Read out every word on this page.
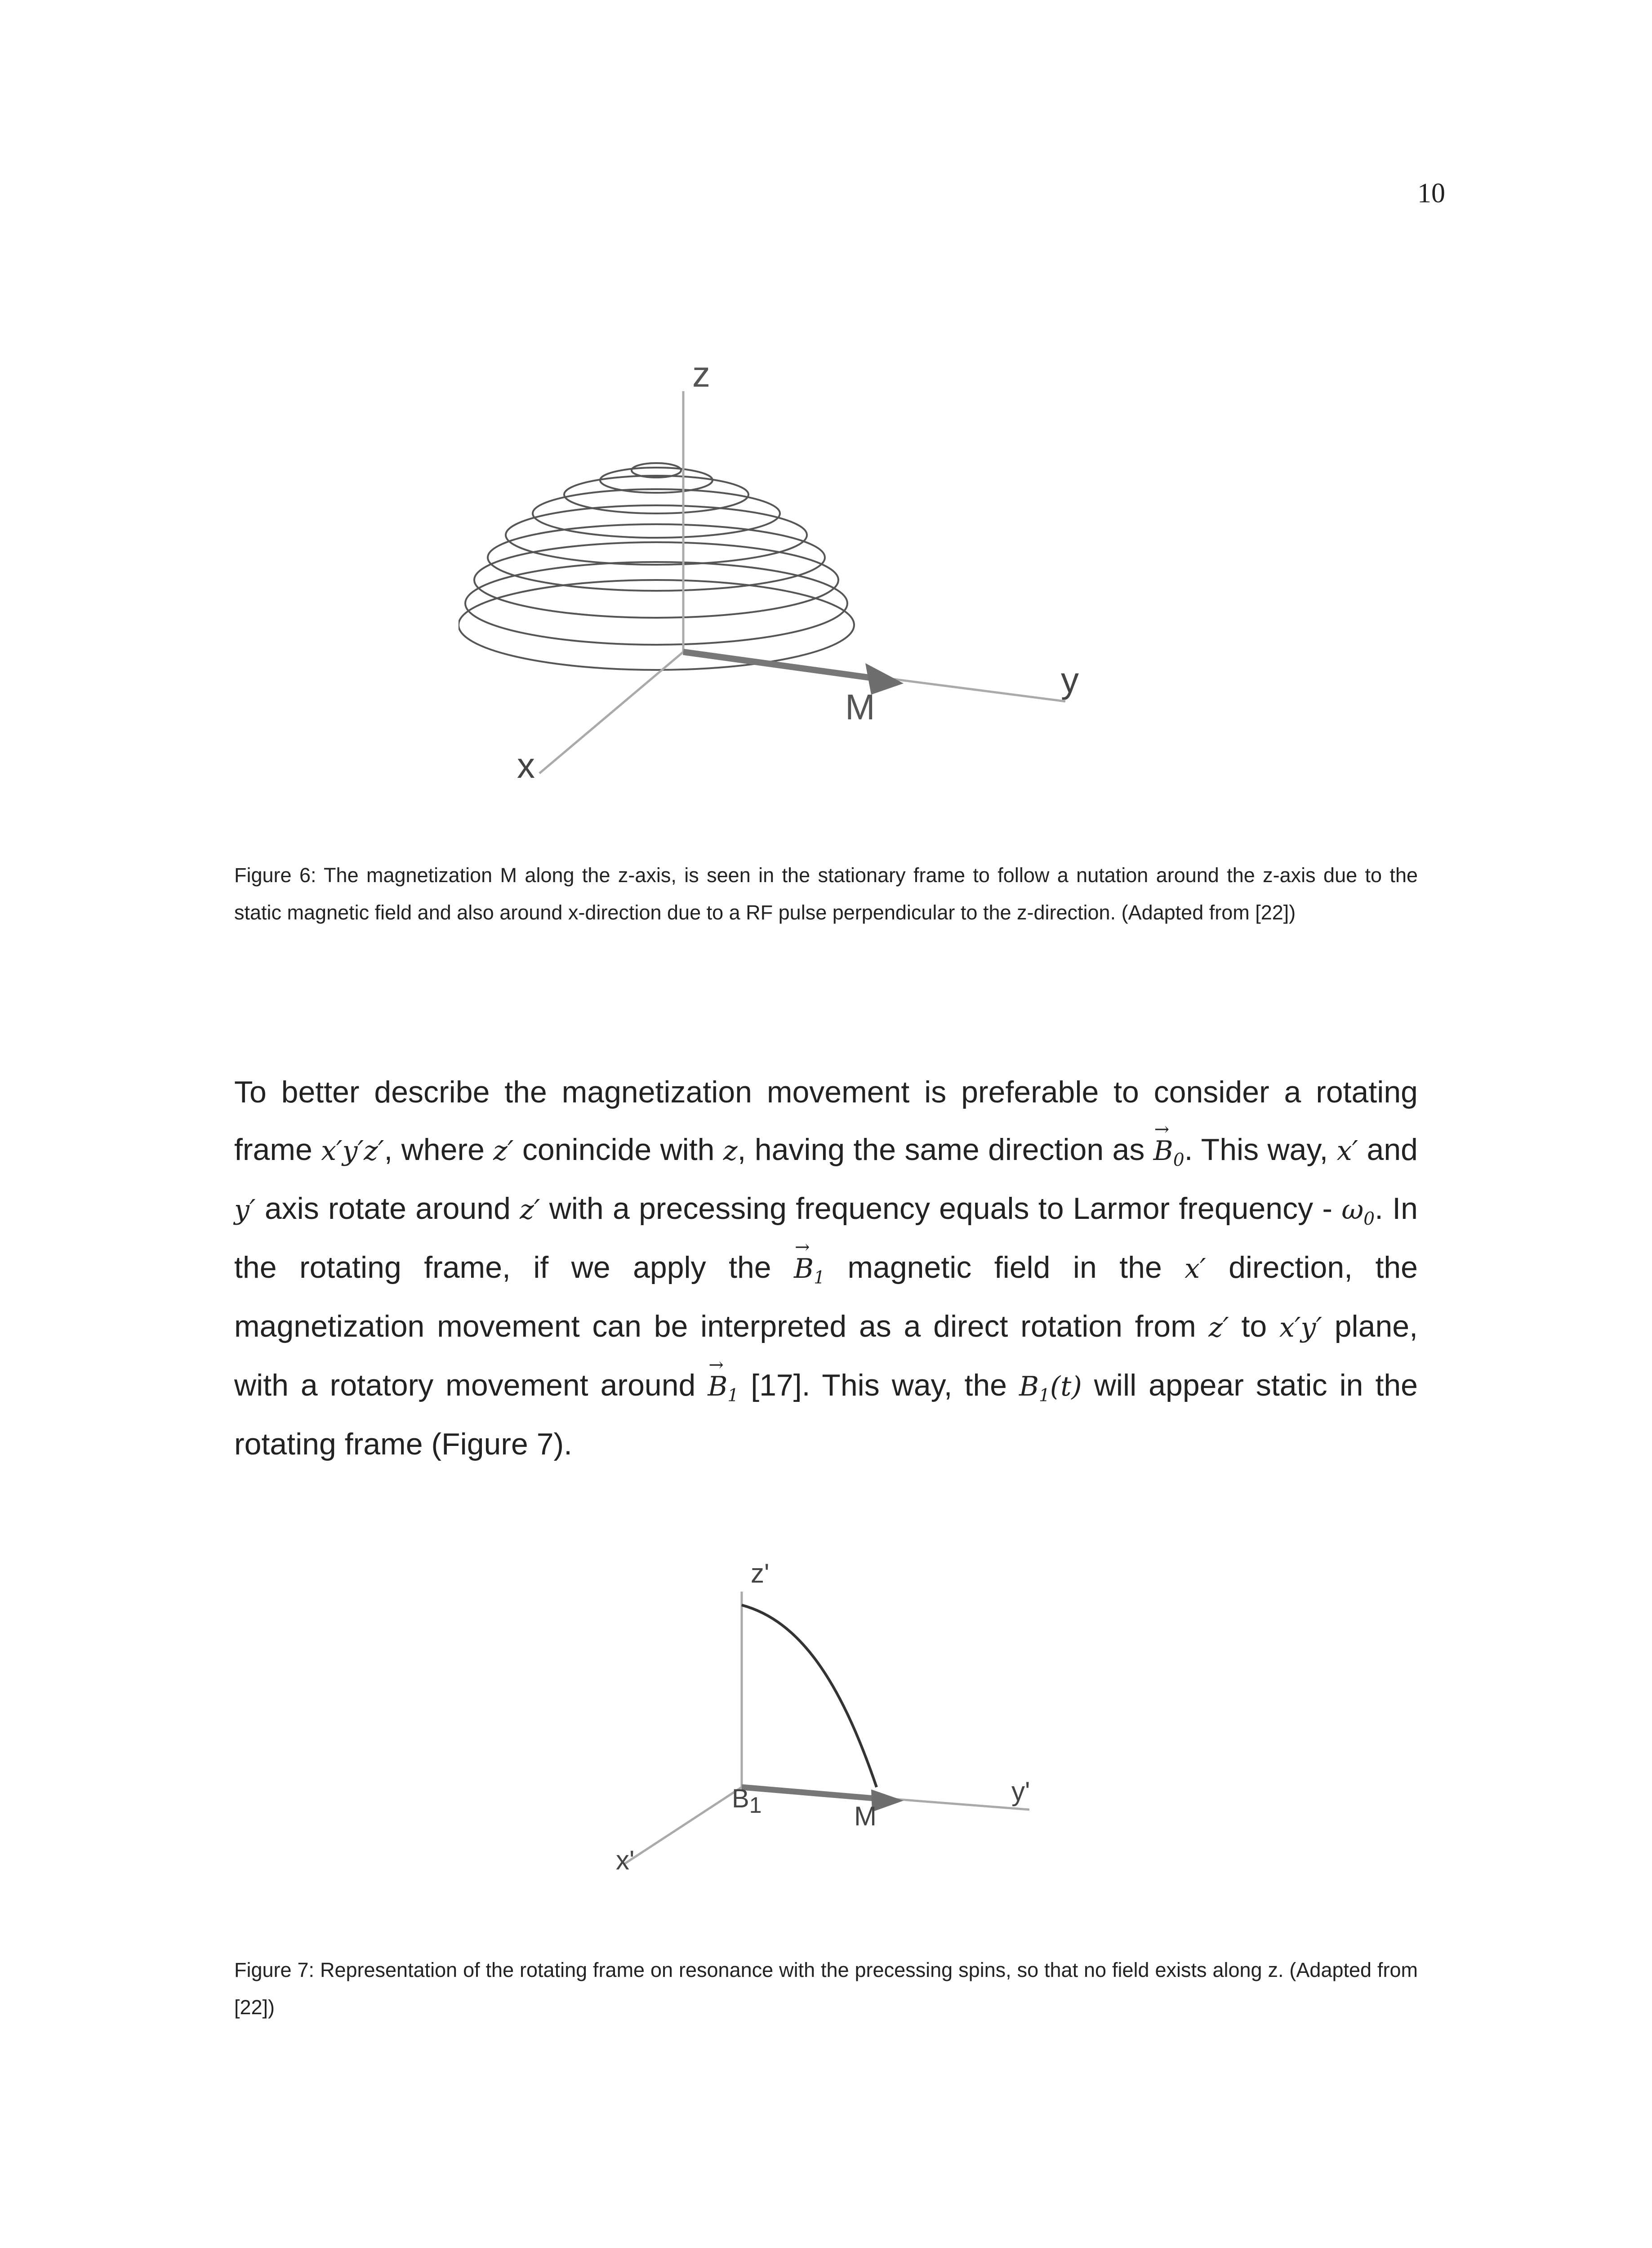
10
z
y
x
M
Figure 6: The magnetization M along the z-axis, is seen in the stationary frame to follow a nutation around the z-axis due to the static magnetic field and also around x-direction due to a RF pulse perpendicular to the z-direction. (Adapted from [22])
To better describe the magnetization movement is preferable to consider a rotating frame x′y′z′, where z′ conincide with z, having the same direction as
→
$B_0$. This way, x′ and y′ axis rotate around z′ with a precessing frequency equals to Larmor frequency - $\omega_0$. In the rotating frame, if we apply the
→
$B_1$ magnetic field in the x′ direction, the magnetization movement can be interpreted as a direct rotation from z′ to x′y′ plane, with a rotatory movement around
→
$B_1$ [17]. This way, the $B_1(t)$ will appear static in the rotating frame (Figure 7).
z'
y'
x'
B1	M
Figure 7: Representation of the rotating frame on resonance with the precessing spins, so that no field exists along z. (Adapted from [22])
